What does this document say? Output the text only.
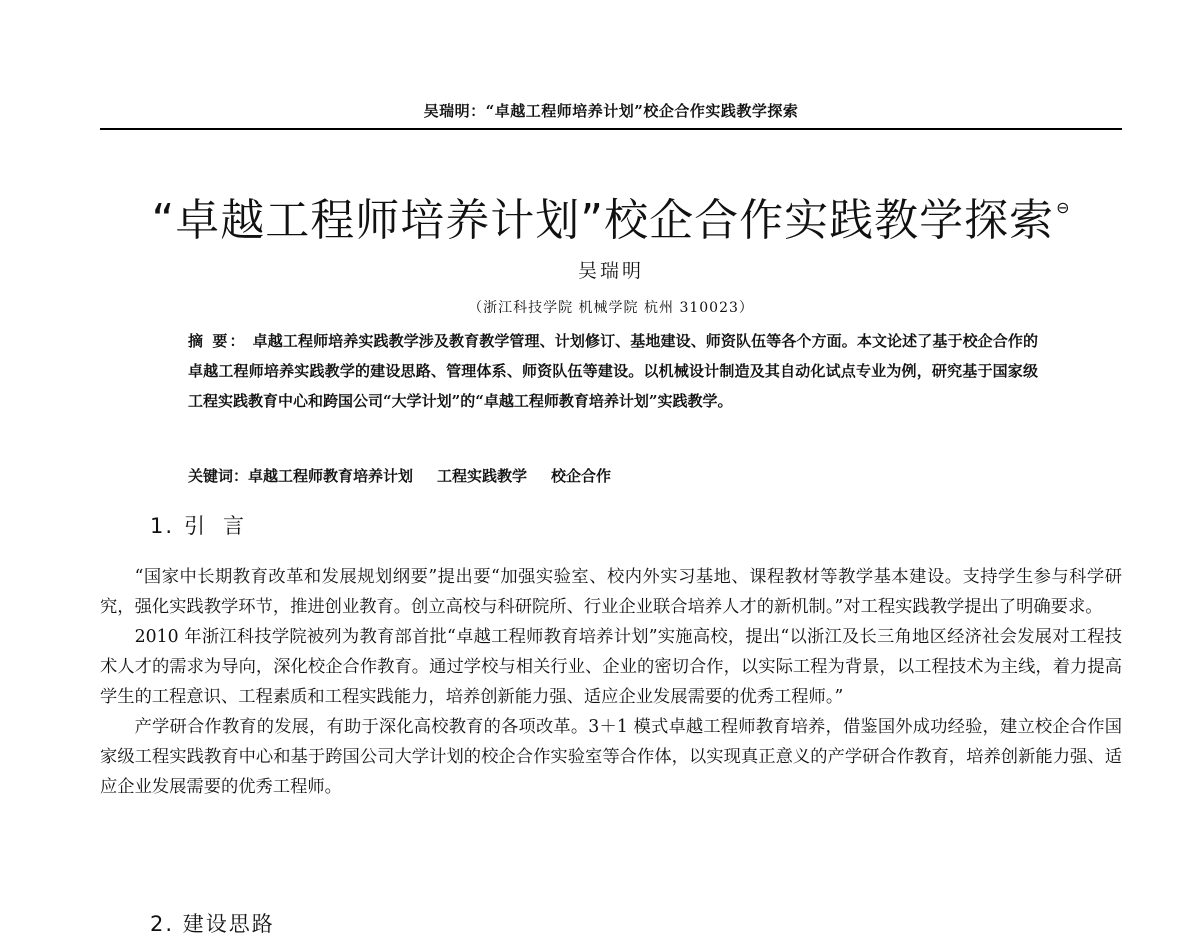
吴瑞明：“卓越工程师培养计划”校企合作实践教学探索
“卓越工程师培养计划”校企合作实践教学探索 ⊖
吴瑞明
（浙江科技学院 机械学院 杭州 310023）
摘 要： 卓越工程师培养实践教学涉及教育教学管理、计划修订、基地建设、师资队伍等各个方面。本文论述了基于校企合作的卓越工程师培养实践教学的建设思路、管理体系、师资队伍等建设。以机械设计制造及其自动化试点专业为例，研究基于国家级工程实践教育中心和跨国公司“大学计划”的“卓越工程师教育培养计划”实践教学。
关键词：卓越工程师教育培养计划 工程实践教学 校企合作
1. 引言

“国家中长期教育改革和发展规划纲要”提出要“加强实验室、校内外实习基地、课程教材等教学基本建设。支持学生参与科学研究，强化实践教学环节，推进创业教育。创立高校与科研院所、行业企业联合培养人才的新机制。”对工程实践教学提出了明确要求。

2010 年浙江科技学院被列为教育部首批“卓越工程师教育培养计划”实施高校，提出“以浙江及长三角地区经济社会发展对工程技术人才的需求为导向，深化校企合作教育。通过学校与相关行业、企业的密切合作，以实际工程为背景，以工程技术为主线，着力提高学生的工程意识、工程素质和工程实践能力，培养创新能力强、适应企业发展需要的优秀工程师。”

产学研合作教育的发展，有助于深化高校教育的各项改革。3＋1 模式卓越工程师教育培养，借鉴国外成功经验，建立校企合作国家级工程实践教育中心和基于跨国公司大学计划的校企合作实验室等合作体，以实现真正意义的产学研合作教育，培养创新能力强、适应企业发展需要的优秀工程师。

2. 建设思路
